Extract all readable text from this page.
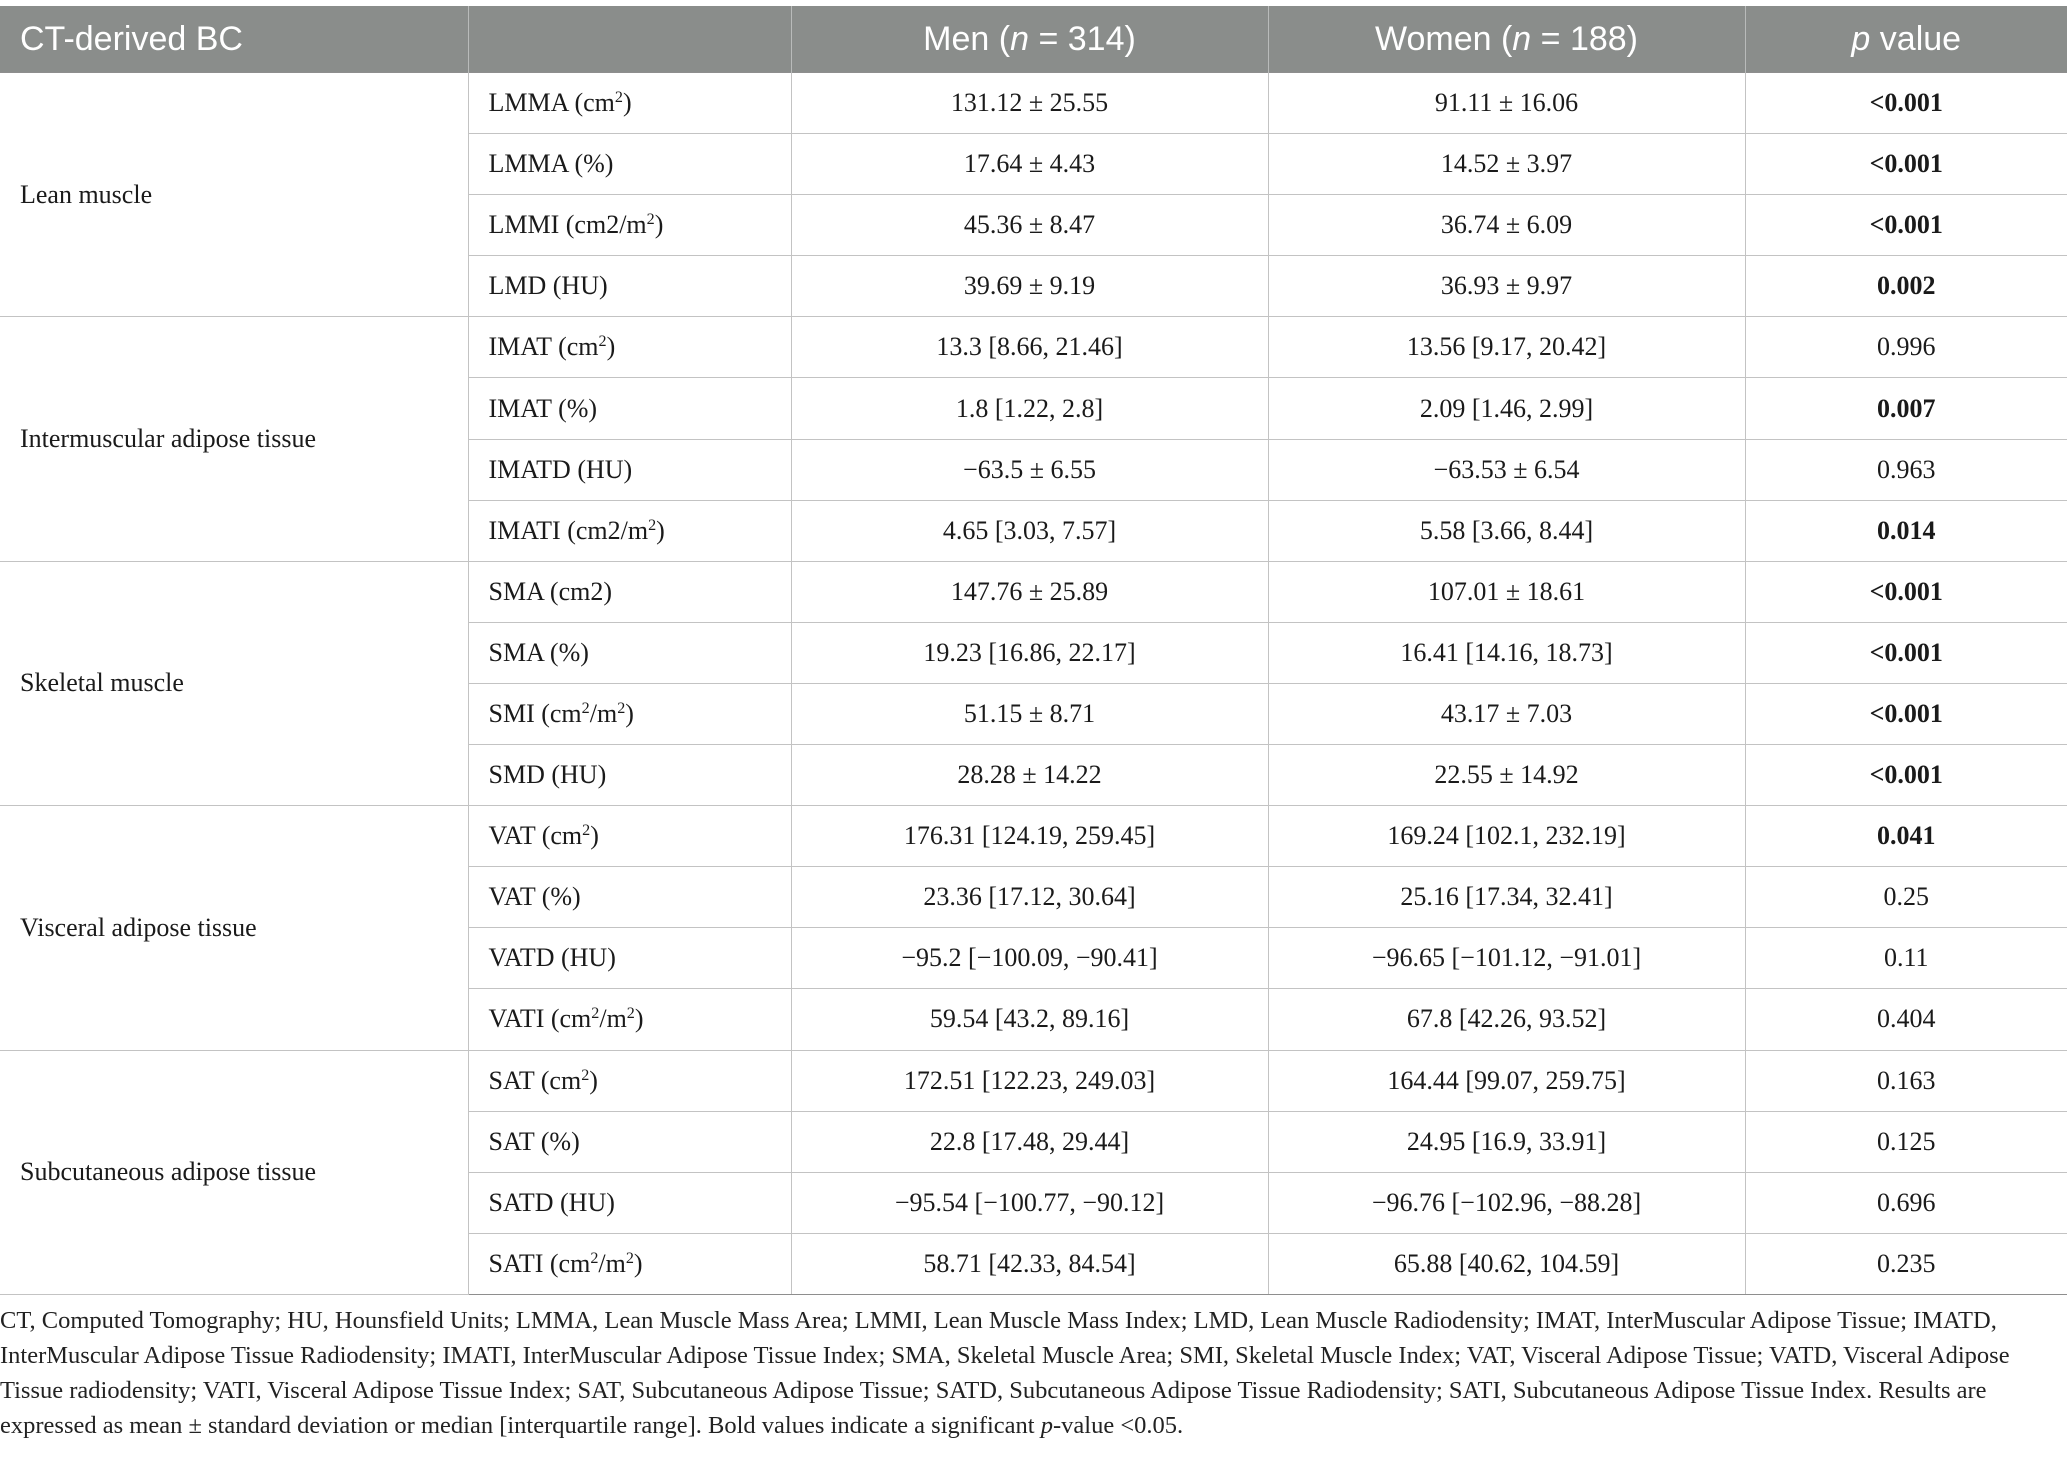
CT-derived BC		Men (n = 314)	Women (n = 188)	p value
Lean muscle	LMMA $(cm^2)$	131.12 ± 25.55	91.11 ± 16.06	<0.001
	LMMA (%)	17.64 ± 4.43	14.52 ± 3.97	<0.001
	LMMI $(cm2/m^2)$	45.36 ± 8.47	36.74 ± 6.09	<0.001
	LMD (HU)	39.69 ± 9.19	36.93 ± 9.97	0.002
Intermuscular adipose tissue	IMAT $(cm^2)$	13.3 [8.66, 21.46]	13.56 [9.17, 20.42]	0.996
	IMAT (%)	1.8 [1.22, 2.8]	2.09 [1.46, 2.99]	0.007
	IMATD (HU)	−63.5 ± 6.55	−63.53 ± 6.54	0.963
	IMATI $(cm2/m^2)$	4.65 [3.03, 7.57]	5.58 [3.66, 8.44]	0.014
Skeletal muscle	SMA (cm2)	147.76 ± 25.89	107.01 ± 18.61	<0.001
	SMA (%)	19.23 [16.86, 22.17]	16.41 [14.16, 18.73]	<0.001
	SMI $(cm^2/m^2)$	51.15 ± 8.71	43.17 ± 7.03	<0.001
	SMD (HU)	28.28 ± 14.22	22.55 ± 14.92	<0.001
Visceral adipose tissue	VAT $(cm^2)$	176.31 [124.19, 259.45]	169.24 [102.1, 232.19]	0.041
	VAT (%)	23.36 [17.12, 30.64]	25.16 [17.34, 32.41]	0.25
	VATD (HU)	−95.2 [−100.09, −90.41]	−96.65 [−101.12, −91.01]	0.11
	VATI $(cm^2/m^2)$	59.54 [43.2, 89.16]	67.8 [42.26, 93.52]	0.404
Subcutaneous adipose tissue	SAT $(cm^2)$	172.51 [122.23, 249.03]	164.44 [99.07, 259.75]	0.163
	SAT (%)	22.8 [17.48, 29.44]	24.95 [16.9, 33.91]	0.125
	SATD (HU)	−95.54 [−100.77, −90.12]	−96.76 [−102.96, −88.28]	0.696
	SATI $(cm^2/m^2)$	58.71 [42.33, 84.54]	65.88 [40.62, 104.59]	0.235
CT, Computed Tomography; HU, Hounsfield Units; LMMA, Lean Muscle Mass Area; LMMI, Lean Muscle Mass Index; LMD, Lean Muscle Radiodensity; IMAT, InterMuscular Adipose Tissue; IMATD, InterMuscular Adipose Tissue Radiodensity; IMATI, InterMuscular Adipose Tissue Index; SMA, Skeletal Muscle Area; SMI, Skeletal Muscle Index; VAT, Visceral Adipose Tissue; VATD, Visceral Adipose Tissue radiodensity; VATI, Visceral Adipose Tissue Index; SAT, Subcutaneous Adipose Tissue; SATD, Subcutaneous Adipose Tissue Radiodensity; SATI, Subcutaneous Adipose Tissue Index. Results are expressed as mean ± standard deviation or median [interquartile range]. Bold values indicate a significant p-value <0.05.
